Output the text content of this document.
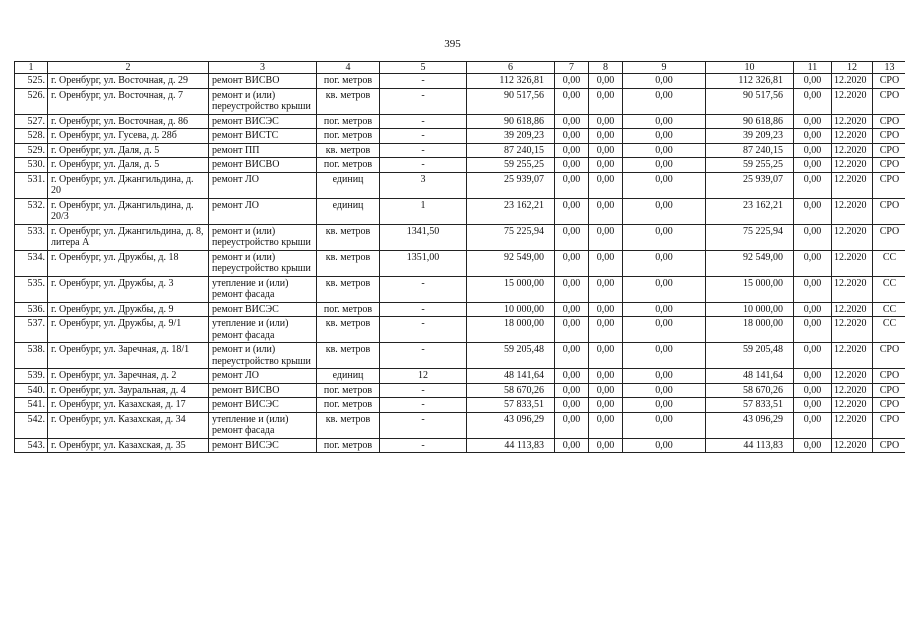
395
1	2	3	4	5	6	7	8	9	10	11	12	13
525.	г. Оренбург, ул. Восточная, д. 29	ремонт ВИСВО	пог. метров	-	112 326,81	0,00	0,00	0,00	112 326,81	0,00	12.2020	СРО
526.	г. Оренбург, ул. Восточная, д. 7	ремонт и (или) переустройство крыши	кв. метров	-	90 517,56	0,00	0,00	0,00	90 517,56	0,00	12.2020	СРО
527.	г. Оренбург, ул. Восточная, д. 86	ремонт ВИСЭС	пог. метров	-	90 618,86	0,00	0,00	0,00	90 618,86	0,00	12.2020	СРО
528.	г. Оренбург, ул. Гусева, д. 28б	ремонт ВИСТС	пог. метров	-	39 209,23	0,00	0,00	0,00	39 209,23	0,00	12.2020	СРО
529.	г. Оренбург, ул. Даля, д. 5	ремонт ПП	кв. метров	-	87 240,15	0,00	0,00	0,00	87 240,15	0,00	12.2020	СРО
530.	г. Оренбург, ул. Даля, д. 5	ремонт ВИСВО	пог. метров	-	59 255,25	0,00	0,00	0,00	59 255,25	0,00	12.2020	СРО
531.	г. Оренбург, ул. Джангильдина, д. 20	ремонт ЛО	единиц	3	25 939,07	0,00	0,00	0,00	25 939,07	0,00	12.2020	СРО
532.	г. Оренбург, ул. Джангильдина, д. 20/3	ремонт ЛО	единиц	1	23 162,21	0,00	0,00	0,00	23 162,21	0,00	12.2020	СРО
533.	г. Оренбург, ул. Джангильдина, д. 8, литера А	ремонт и (или) переустройство крыши	кв. метров	1341,50	75 225,94	0,00	0,00	0,00	75 225,94	0,00	12.2020	СРО
534.	г. Оренбург, ул. Дружбы, д. 18	ремонт и (или) переустройство крыши	кв. метров	1351,00	92 549,00	0,00	0,00	0,00	92 549,00	0,00	12.2020	СС
535.	г. Оренбург, ул. Дружбы, д. 3	утепление и (или) ремонт фасада	кв. метров	-	15 000,00	0,00	0,00	0,00	15 000,00	0,00	12.2020	СС
536.	г. Оренбург, ул. Дружбы, д. 9	ремонт ВИСЭС	пог. метров	-	10 000,00	0,00	0,00	0,00	10 000,00	0,00	12.2020	СС
537.	г. Оренбург, ул. Дружбы, д. 9/1	утепление и (или) ремонт фасада	кв. метров	-	18 000,00	0,00	0,00	0,00	18 000,00	0,00	12.2020	СС
538.	г. Оренбург, ул. Заречная, д. 18/1	ремонт и (или) переустройство крыши	кв. метров	-	59 205,48	0,00	0,00	0,00	59 205,48	0,00	12.2020	СРО
539.	г. Оренбург, ул. Заречная, д. 2	ремонт ЛО	единиц	12	48 141,64	0,00	0,00	0,00	48 141,64	0,00	12.2020	СРО
540.	г. Оренбург, ул. Зауральная, д. 4	ремонт ВИСВО	пог. метров	-	58 670,26	0,00	0,00	0,00	58 670,26	0,00	12.2020	СРО
541.	г. Оренбург, ул. Казахская, д. 17	ремонт ВИСЭС	пог. метров	-	57 833,51	0,00	0,00	0,00	57 833,51	0,00	12.2020	СРО
542.	г. Оренбург, ул. Казахская, д. 34	утепление и (или) ремонт фасада	кв. метров	-	43 096,29	0,00	0,00	0,00	43 096,29	0,00	12.2020	СРО
543.	г. Оренбург, ул. Казахская, д. 35	ремонт ВИСЭС	пог. метров	-	44 113,83	0,00	0,00	0,00	44 113,83	0,00	12.2020	СРО
